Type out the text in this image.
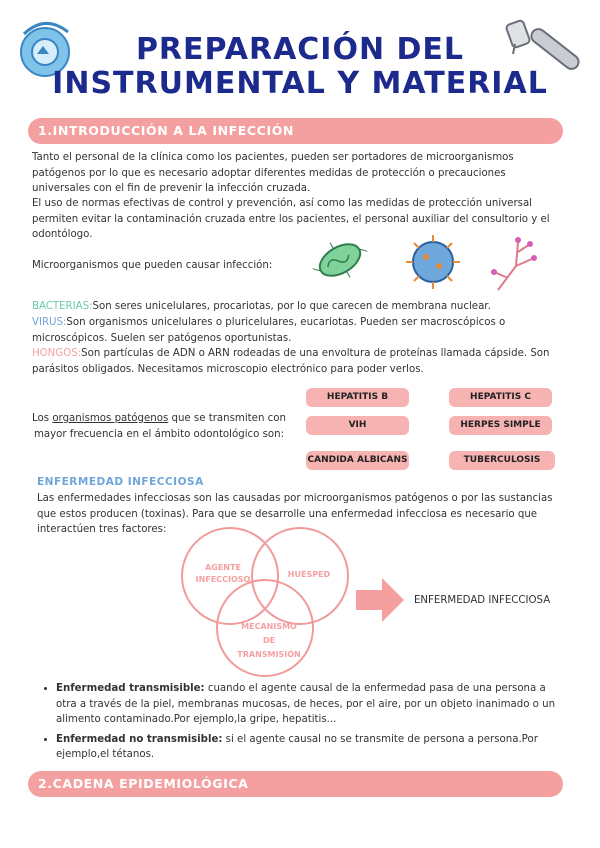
PREPARACIÓN DEL
INSTRUMENTAL Y MATERIAL
1.INTRODUCCIÓN A LA INFECCIÓN

Tanto el personal de la clínica como los pacientes, pueden ser portadores de microorganismos patógenos por lo que es necesario adoptar diferentes medidas de protección o precauciones universales con el fin de prevenir la infección cruzada.

El uso de normas efectivas de control y prevención, así como las medidas de protección universal permiten evitar la contaminación cruzada entre los pacientes, el personal auxiliar del consultorio y el odontólogo.

Microorganismos que pueden causar infección:

BACTERIAS:Son seres unicelulares, procariotas, por lo que carecen de membrana nuclear.

VIRUS:Son organismos unicelulares o pluricelulares, eucariotas. Pueden ser macroscópicos o microscópicos. Suelen ser patógenos oportunistas.

HONGOS:Son partículas de ADN o ARN rodeadas de una envoltura de proteínas llamada cápside. Son parásitos obligados. Necesitamos microscopio electrónico para poder verlos.

Los organismos patógenos que se transmiten con mayor frecuencia en el ámbito odontológico son:

HEPATITIS B	HEPATITIS C
VIH	HERPES SIMPLE
CANDIDA ALBICANS	TUBERCULOSIS
ENFERMEDAD INFECCIOSA

Las enfermedades infecciosas son las causadas por microorganismos patógenos o por las sustancias que estos producen (toxinas). Para que se desarrolle una enfermedad infecciosa es necesario que interactúen tres factores:

AGENTE
INFECCIOSO
HUÉSPED
MECANISMO
DE
TRANSMISIÓN
ENFERMEDAD INFECCIOSA
• Enfermedad transmisible: cuando el agente causal de la enfermedad pasa de una persona a otra a través de la piel, membranas mucosas, de heces, por el aire, por un objeto inanimado o un alimento contaminado.Por ejemplo,la gripe, hepatitis...
• Enfermedad no transmisible: si el agente causal no se transmite de persona a persona.Por ejemplo,el tétanos.
2.CADENA EPIDEMIOLÓGICA
